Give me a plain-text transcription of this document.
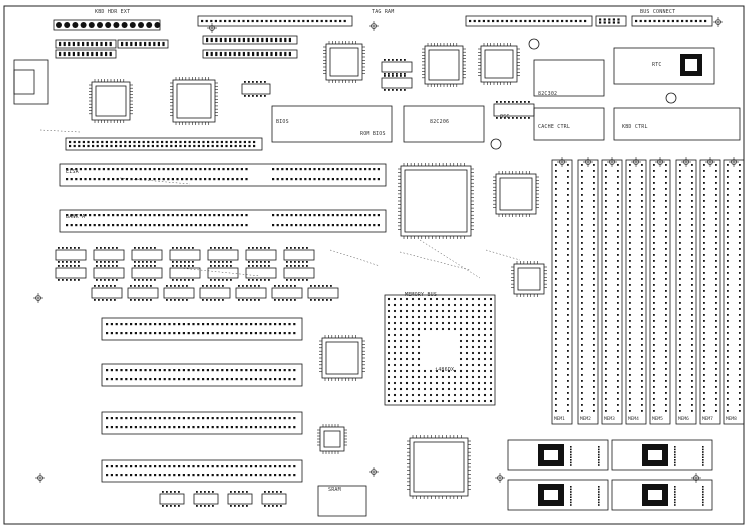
KBD HDR EXT	TAG RAM	BUS CONNECT
BIOS	82C206
82C302
CACHE CTRL	KBD CTRL
RTC
ROM BIOS
EISA
BANK A
i486DX
OSC
MEMORY BUS
SRAM
MEM1	MEM2	MEM3	MEM4	MEM5	MEM6	MEM7	MEM8
